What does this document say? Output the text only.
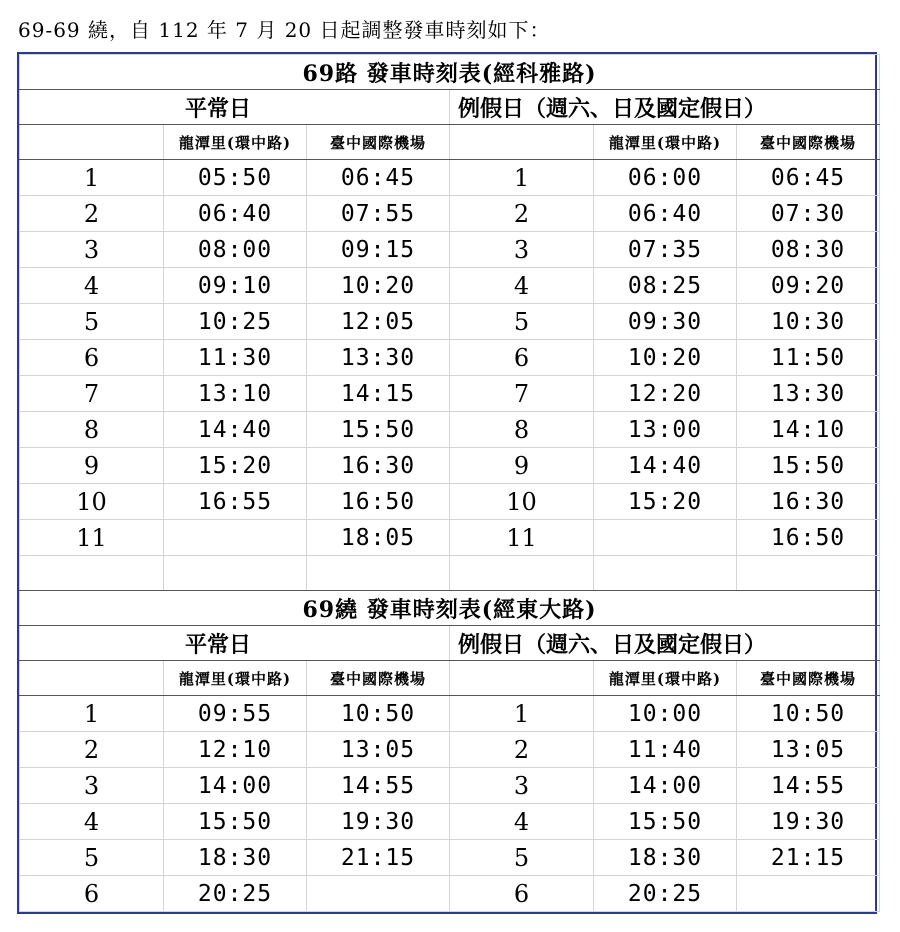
69-69 繞，自 112 年 7 月 20 日起調整發車時刻如下：
69路 發車時刻表(經科雅路)					
平常日			例假日（週六、日及國定假日）		
	龍潭里(環中路)	臺中國際機場		龍潭里(環中路)	臺中國際機場
1	05:50	06:45	1	06:00	06:45
2	06:40	07:55	2	06:40	07:30
3	08:00	09:15	3	07:35	08:30
4	09:10	10:20	4	08:25	09:20
5	10:25	12:05	5	09:30	10:30
6	11:30	13:30	6	10:20	11:50
7	13:10	14:15	7	12:20	13:30
8	14:40	15:50	8	13:00	14:10
9	15:20	16:30	9	14:40	15:50
10	16:55	16:50	10	15:20	16:30
11		18:05	11		16:50

69繞 發車時刻表(經東大路)					
平常日			例假日（週六、日及國定假日）		
	龍潭里(環中路)	臺中國際機場		龍潭里(環中路)	臺中國際機場
1	09:55	10:50	1	10:00	10:50
2	12:10	13:05	2	11:40	13:05
3	14:00	14:55	3	14:00	14:55
4	15:50	19:30	4	15:50	19:30
5	18:30	21:15	5	18:30	21:15
6	20:25		6	20:25	
